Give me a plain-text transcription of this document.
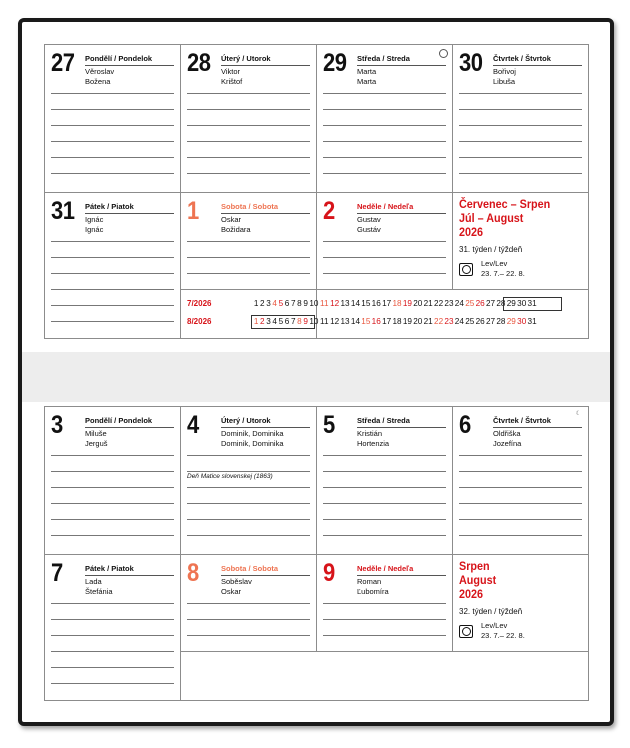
27 Pondělí / Pondelok
Věroslav
Božena
28 Úterý / Utorok
Viktor
Krištof
29 Středa / Streda
Marta
Marta
30 Čtvrtek / Štvrtok
Bořivoj
Libuša
31 Pátek / Piatok
Ignác
Ignác
1	Sobota / Sobota
Oskar
Božidara
2	Neděle / Nedeľa
Gustav
Gustáv
Červenec – Srpen
Júl – August
2026
31. týden / týždeň
Lev/Lev
23. 7.– 22. 8.
7/2026	1 2 3 4 5 6 7 8 9 10 11 12 13 14 15 16 17 18 19 20 21 22 23 24 25 26 27 28 29 30 31
8/2026	1 2 3 4 5 6 7 8 9 10 11 12 13 14 15 16 17 18 19 20 21 22 23 24 25 26 27 28 29 30 31
3	Pondělí / Pondelok
Miluše
Jerguš
4	Úterý / Utorok
Dominik, Dominika
Dominik, Dominika
5	Středa / Streda
Kristián
Hortenzia
6	Čtvrtek / Štvrtok
Oldřiška
Jozefína
7	Pátek / Piatok
Lada
Štefánia
8	Sobota / Sobota
Soběslav
Oskar
9	Neděle / Nedeľa
Roman
Ľubomíra
Deň Matice slovenskej (1863)
☾
Srpen
August
2026
32. týden / týždeň
Lev/Lev
23. 7.– 22. 8.
